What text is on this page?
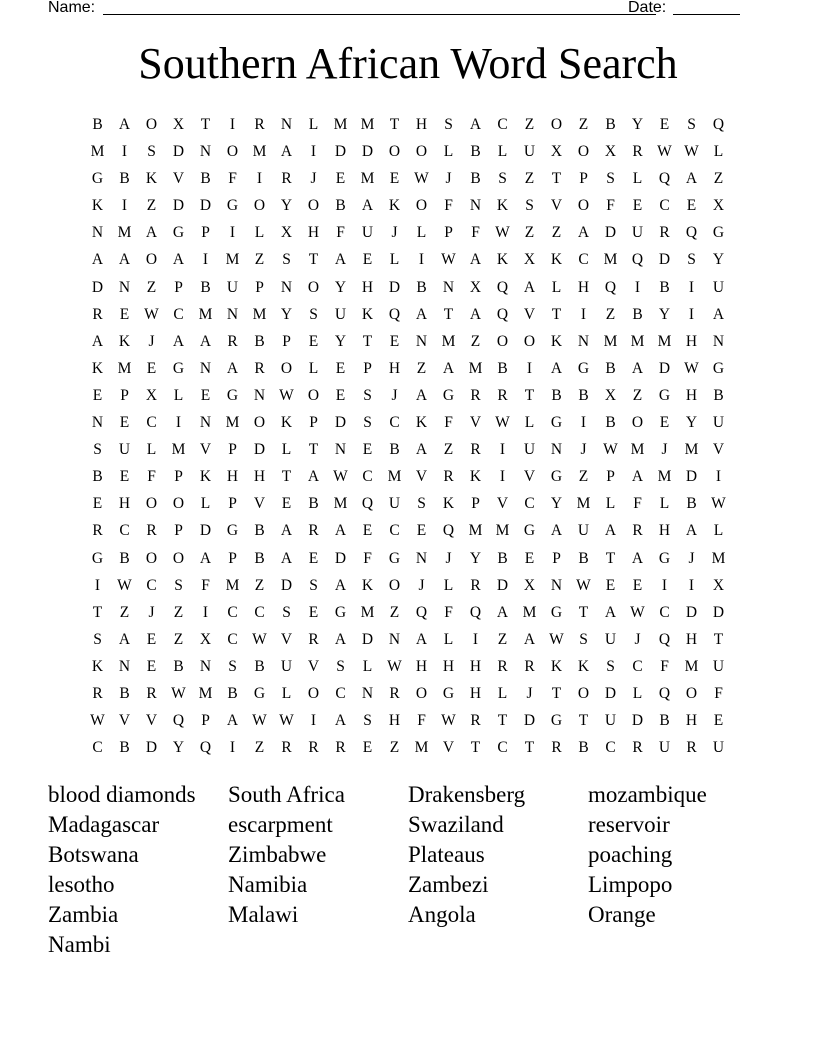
Name:	Date:
Southern African Word Search
B	A	O	X	T	I	R	N	L M M T	H	S	A	C	Z	O	Z	B	Y	E	S	Q
M	I	S	D	N	O M A	I	D	D	O	O	L	B	L	U	X	O	X	R W W L
G	B	K	V	B	F	I	R	J	E M E W	J	B	S	Z	T	P	S	L	Q	A	Z
K	I	Z	D	D	G	O	Y	O	B	A	K	O	F	N	K	S	V	O	F	E	C	E	X
N M A	G	P	I	L	X	H	F	U	J	L	P	F W Z	Z	A	D	U	R	Q	G
A	A	O	A	I	M Z	S	T	A	E	L	I	W A	K	X	K	C M Q	D	S	Y
D	N	Z	P	B	U	P	N	O	Y	H	D	B	N	X	Q	A	L	H	Q	I	B	I	U
R	E W C M N M Y	S	U	K	Q	A	T	A	Q	V	T	I	Z	B	Y	I	A
A	K	J	A	A	R	B	P	E	Y	T	E	N M Z	O	O	K	N M M M H	N
K M E	G	N	A	R	O	L	E	P	H	Z	A M B	I	A	G	B	A	D W G
E	P	X	L	E	G	N W O	E	S	J	A	G	R	R	T	B	B	X	Z	G	H	B
N	E	C	I	N M O	K	P	D	S	C	K	F	V W L	G	I	B	O	E	Y	U
S	U	L M V	P	D	L	T	N	E	B	A	Z	R	I	U	N	J	W M	J	M V
B	E	F	P	K	H	H	T	A W C M V	R	K	I	V	G	Z	P	A M D	I
E	H	O	O	L	P	V	E	B M Q	U	S	K	P	V	C	Y M L	F	L	B W
R	C	R	P	D	G	B	A	R	A	E	C	E	Q M M G	A	U	A	R	H	A	L
G	B	O	O	A	P	B	A	E	D	F	G	N	J	Y	B	E	P	B	T	A	G	J	M
I	W C	S	F	M Z	D	S	A	K	O	J	L	R	D	X	N W E	E	I	I	X
T	Z	J	Z	I	C	C	S	E	G M Z	Q	F	Q	A M G	T	A W C	D	D
S	A	E	Z	X	C W V	R	A	D	N	A	L	I	Z	A W S	U	J	Q	H	T
K	N	E	B	N	S	B	U	V	S	L W H	H	H	R	R	K	K	S	C	F	M U
R	B	R W M B	G	L	O	C	N	R	O	G	H	L	J	T	O	D	L	Q	O	F
W V	V	Q	P	A W W	I	A	S	H	F W R	T	D	G	T	U	D	B	H	E
C	B	D	Y	Q	I	Z	R	R	R	E	Z M V	T	C	T	R	B	C	R	U	R	U
blood diamonds	South Africa	Drakensberg	mozambique
Madagascar	escarpment	Swaziland	reservoir
Botswana	Zimbabwe	Plateaus	poaching
lesotho	Namibia	Zambezi	Limpopo
Zambia	Malawi	Angola	Orange
Nambi
